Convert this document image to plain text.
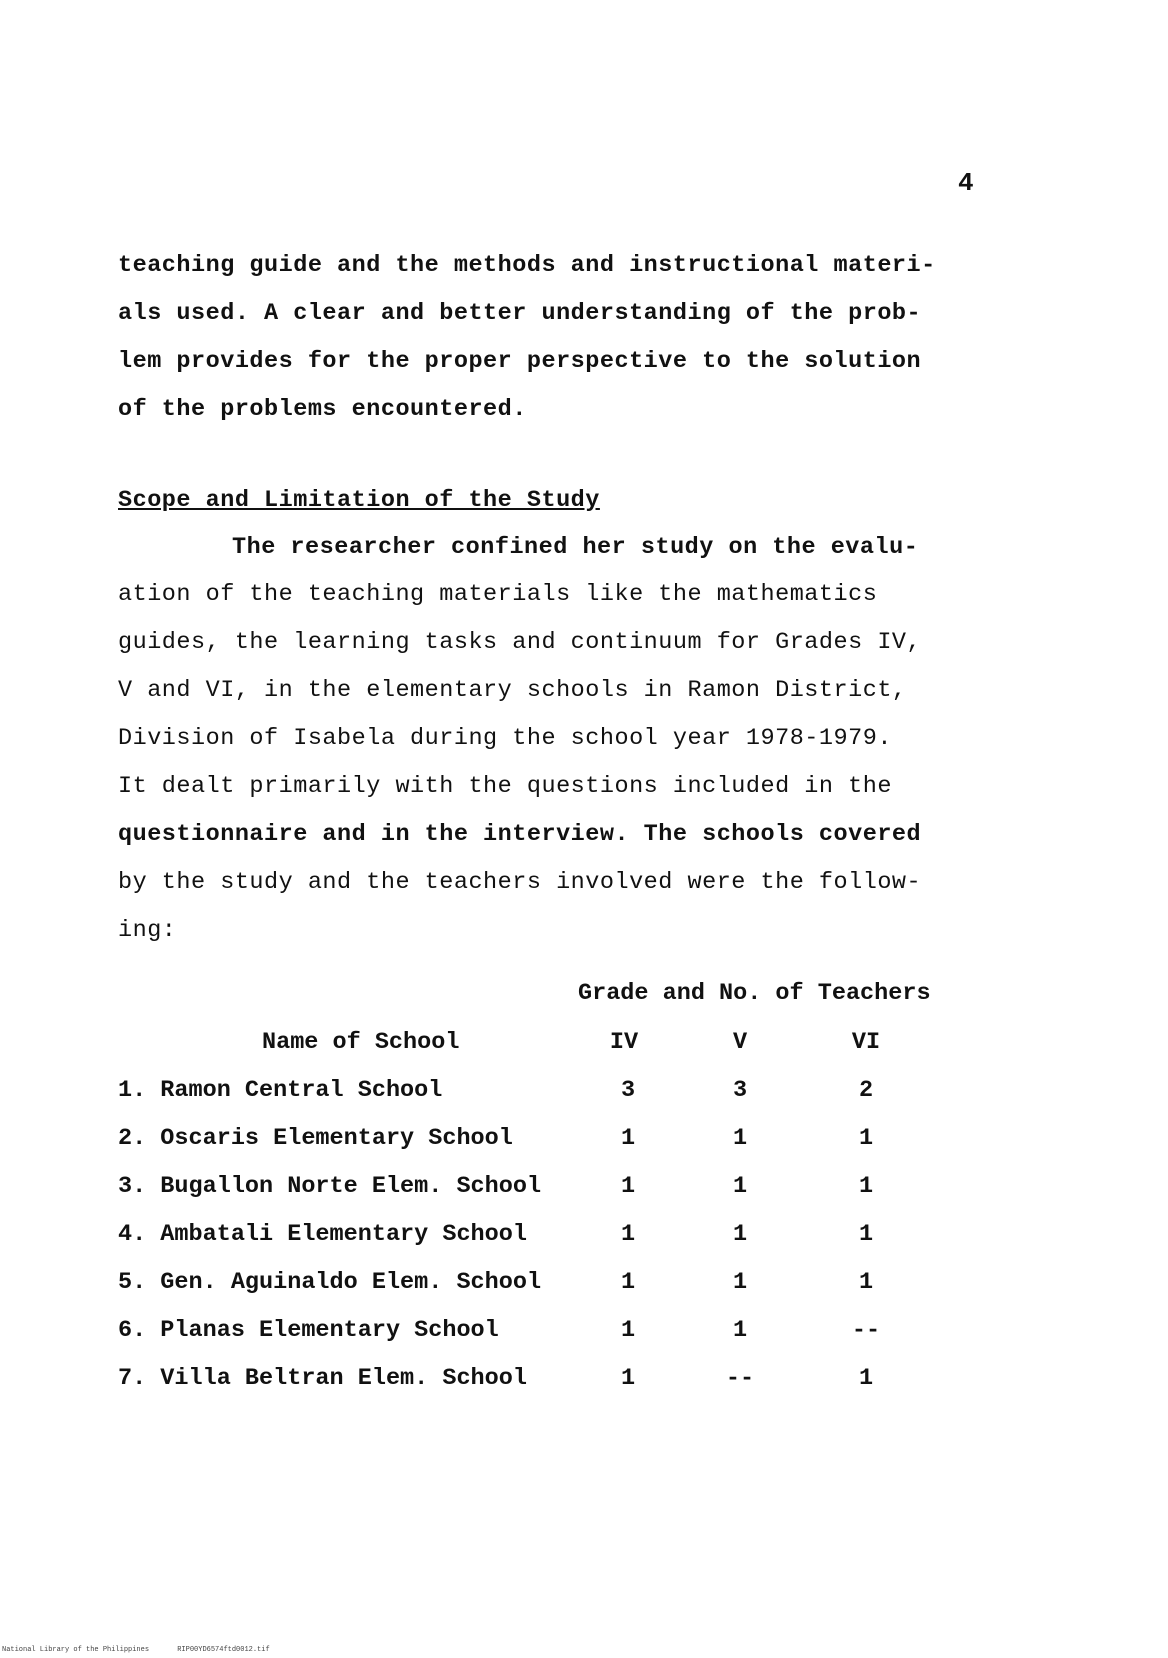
4
teaching guide and the methods and instructional materi-
als used. A clear and better understanding of the prob-
lem provides for the proper perspective to the solution
of the problems encountered.
Scope and Limitation of the Study
The researcher confined her study on the evalu-
ation of the teaching materials like the mathematics
guides, the learning tasks and continuum for Grades IV,
V and VI, in the elementary schools in Ramon District,
Division of Isabela during the school year 1978-1979.
It dealt primarily with the questions included in the
questionnaire and in the interview. The schools covered
by the study and the teachers involved were the follow-
ing:
Grade and No. of Teachers
Name of School	IV	V	VI
1. Ramon Central School	3	3	2
2. Oscaris Elementary School	1	1	1
3. Bugallon Norte Elem. School	1	1	1
4. Ambatali Elementary School	1	1	1
5. Gen. Aguinaldo Elem. School	1	1	1
6. Planas Elementary School	1	1	--
7. Villa Beltran Elem. School	1	--	1
National Library of the Philippines	RIP00YD6574ftd0012.tif
